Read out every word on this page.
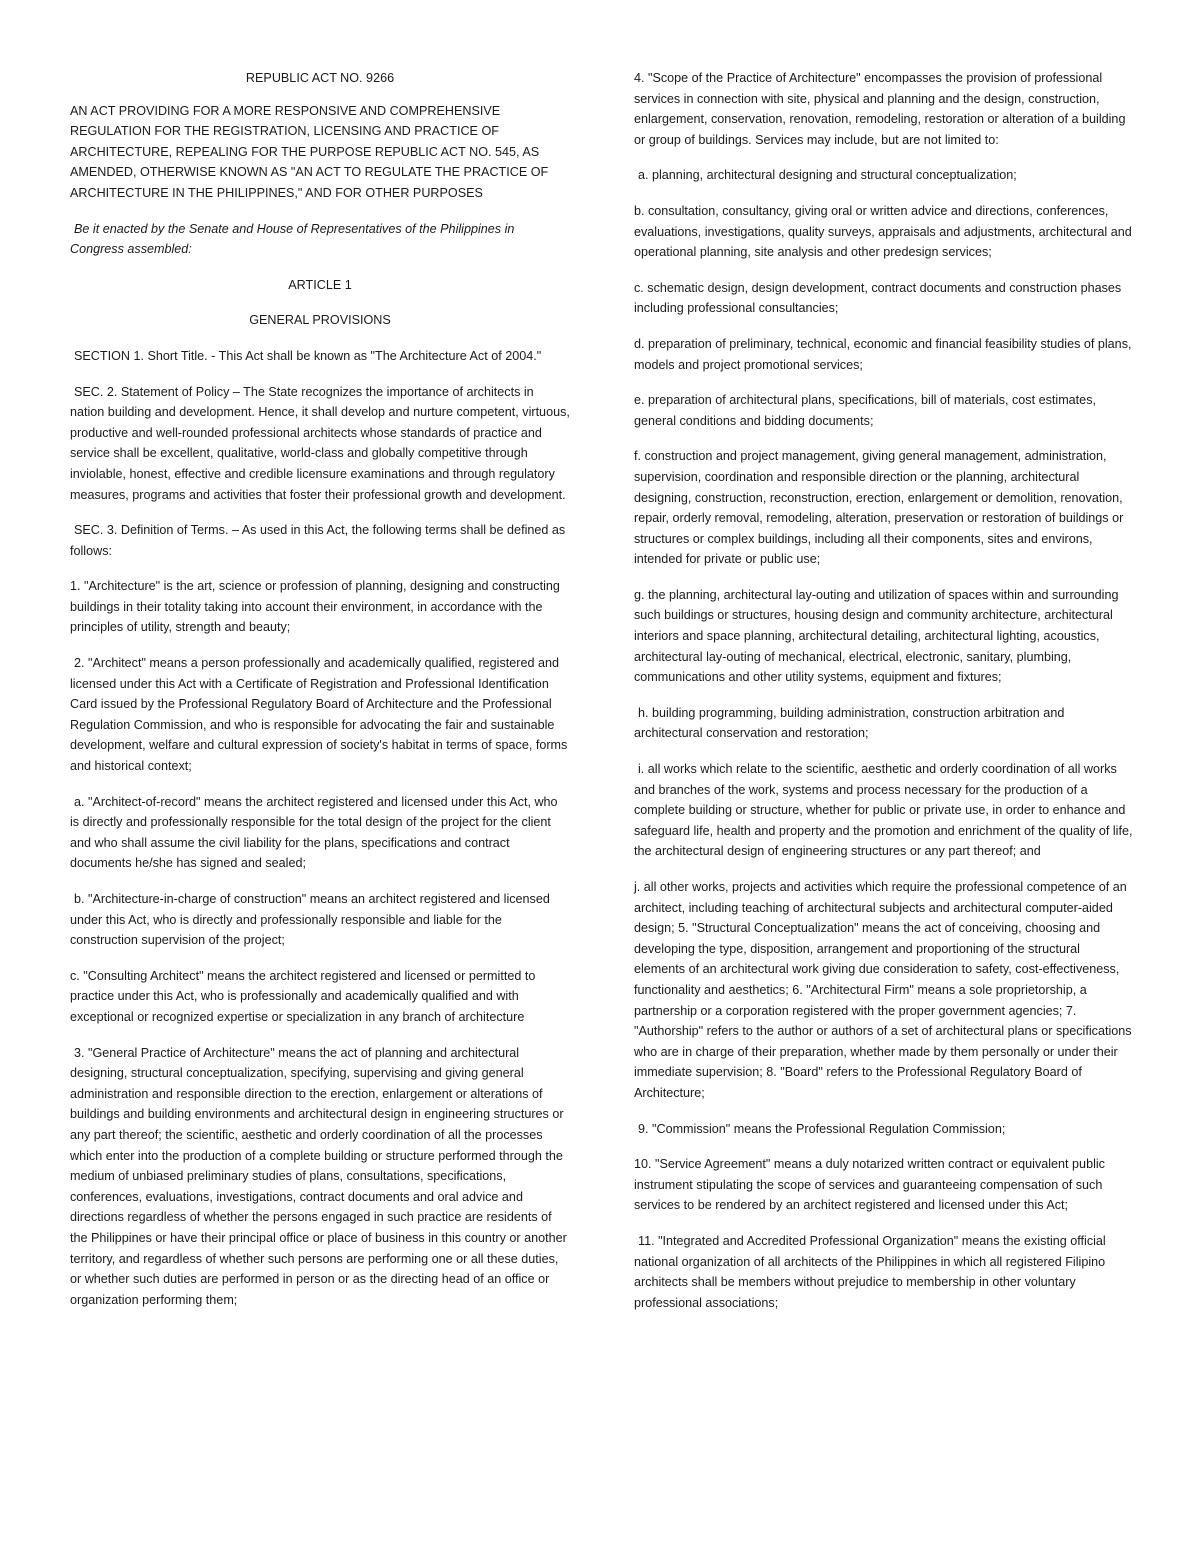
REPUBLIC ACT NO. 9266

AN ACT PROVIDING FOR A MORE RESPONSIVE AND COMPREHENSIVE REGULATION FOR THE REGISTRATION, LICENSING AND PRACTICE OF ARCHITECTURE, REPEALING FOR THE PURPOSE REPUBLIC ACT NO. 545, AS AMENDED, OTHERWISE KNOWN AS "AN ACT TO REGULATE THE PRACTICE OF ARCHITECTURE IN THE PHILIPPINES," AND FOR OTHER PURPOSES

Be it enacted by the Senate and House of Representatives of the Philippines in Congress assembled:

ARTICLE 1

GENERAL PROVISIONS

SECTION 1. Short Title. - This Act shall be known as "The Architecture Act of 2004."

SEC. 2. Statement of Policy – The State recognizes the importance of architects in nation building and development. Hence, it shall develop and nurture competent, virtuous, productive and well-rounded professional architects whose standards of practice and service shall be excellent, qualitative, world-class and globally competitive through inviolable, honest, effective and credible licensure examinations and through regulatory measures, programs and activities that foster their professional growth and development.

SEC. 3. Definition of Terms. – As used in this Act, the following terms shall be defined as follows:

1. "Architecture" is the art, science or profession of planning, designing and constructing buildings in their totality taking into account their environment, in accordance with the principles of utility, strength and beauty;

2. "Architect" means a person professionally and academically qualified, registered and licensed under this Act with a Certificate of Registration and Professional Identification Card issued by the Professional Regulatory Board of Architecture and the Professional Regulation Commission, and who is responsible for advocating the fair and sustainable development, welfare and cultural expression of society's habitat in terms of space, forms and historical context;

a. "Architect-of-record" means the architect registered and licensed under this Act, who is directly and professionally responsible for the total design of the project for the client and who shall assume the civil liability for the plans, specifications and contract documents he/she has signed and sealed;

b. "Architecture-in-charge of construction" means an architect registered and licensed under this Act, who is directly and professionally responsible and liable for the construction supervision of the project;

c. "Consulting Architect" means the architect registered and licensed or permitted to practice under this Act, who is professionally and academically qualified and with exceptional or recognized expertise or specialization in any branch of architecture

3. "General Practice of Architecture" means the act of planning and architectural designing, structural conceptualization, specifying, supervising and giving general administration and responsible direction to the erection, enlargement or alterations of buildings and building environments and architectural design in engineering structures or any part thereof; the scientific, aesthetic and orderly coordination of all the processes which enter into the production of a complete building or structure performed through the medium of unbiased preliminary studies of plans, consultations, specifications, conferences, evaluations, investigations, contract documents and oral advice and directions regardless of whether the persons engaged in such practice are residents of the Philippines or have their principal office or place of business in this country or another territory, and regardless of whether such persons are performing one or all these duties, or whether such duties are performed in person or as the directing head of an office or organization performing them;

4. "Scope of the Practice of Architecture" encompasses the provision of professional services in connection with site, physical and planning and the design, construction, enlargement, conservation, renovation, remodeling, restoration or alteration of a building or group of buildings. Services may include, but are not limited to:

a. planning, architectural designing and structural conceptualization;

b. consultation, consultancy, giving oral or written advice and directions, conferences, evaluations, investigations, quality surveys, appraisals and adjustments, architectural and operational planning, site analysis and other predesign services;

c. schematic design, design development, contract documents and construction phases including professional consultancies;

d. preparation of preliminary, technical, economic and financial feasibility studies of plans, models and project promotional services;

e. preparation of architectural plans, specifications, bill of materials, cost estimates, general conditions and bidding documents;

f. construction and project management, giving general management, administration, supervision, coordination and responsible direction or the planning, architectural designing, construction, reconstruction, erection, enlargement or demolition, renovation, repair, orderly removal, remodeling, alteration, preservation or restoration of buildings or structures or complex buildings, including all their components, sites and environs, intended for private or public use;

g. the planning, architectural lay-outing and utilization of spaces within and surrounding such buildings or structures, housing design and community architecture, architectural interiors and space planning, architectural detailing, architectural lighting, acoustics, architectural lay-outing of mechanical, electrical, electronic, sanitary, plumbing, communications and other utility systems, equipment and fixtures;

h. building programming, building administration, construction arbitration and architectural conservation and restoration;

i. all works which relate to the scientific, aesthetic and orderly coordination of all works and branches of the work, systems and process necessary for the production of a complete building or structure, whether for public or private use, in order to enhance and safeguard life, health and property and the promotion and enrichment of the quality of life, the architectural design of engineering structures or any part thereof; and

j. all other works, projects and activities which require the professional competence of an architect, including teaching of architectural subjects and architectural computer-aided design; 5. "Structural Conceptualization" means the act of conceiving, choosing and developing the type, disposition, arrangement and proportioning of the structural elements of an architectural work giving due consideration to safety, cost-effectiveness, functionality and aesthetics; 6. "Architectural Firm" means a sole proprietorship, a partnership or a corporation registered with the proper government agencies; 7. "Authorship" refers to the author or authors of a set of architectural plans or specifications who are in charge of their preparation, whether made by them personally or under their immediate supervision; 8. "Board" refers to the Professional Regulatory Board of Architecture;

9. "Commission" means the Professional Regulation Commission;

10. "Service Agreement" means a duly notarized written contract or equivalent public instrument stipulating the scope of services and guaranteeing compensation of such services to be rendered by an architect registered and licensed under this Act;

11. "Integrated and Accredited Professional Organization" means the existing official national organization of all architects of the Philippines in which all registered Filipino architects shall be members without prejudice to membership in other voluntary professional associations;
